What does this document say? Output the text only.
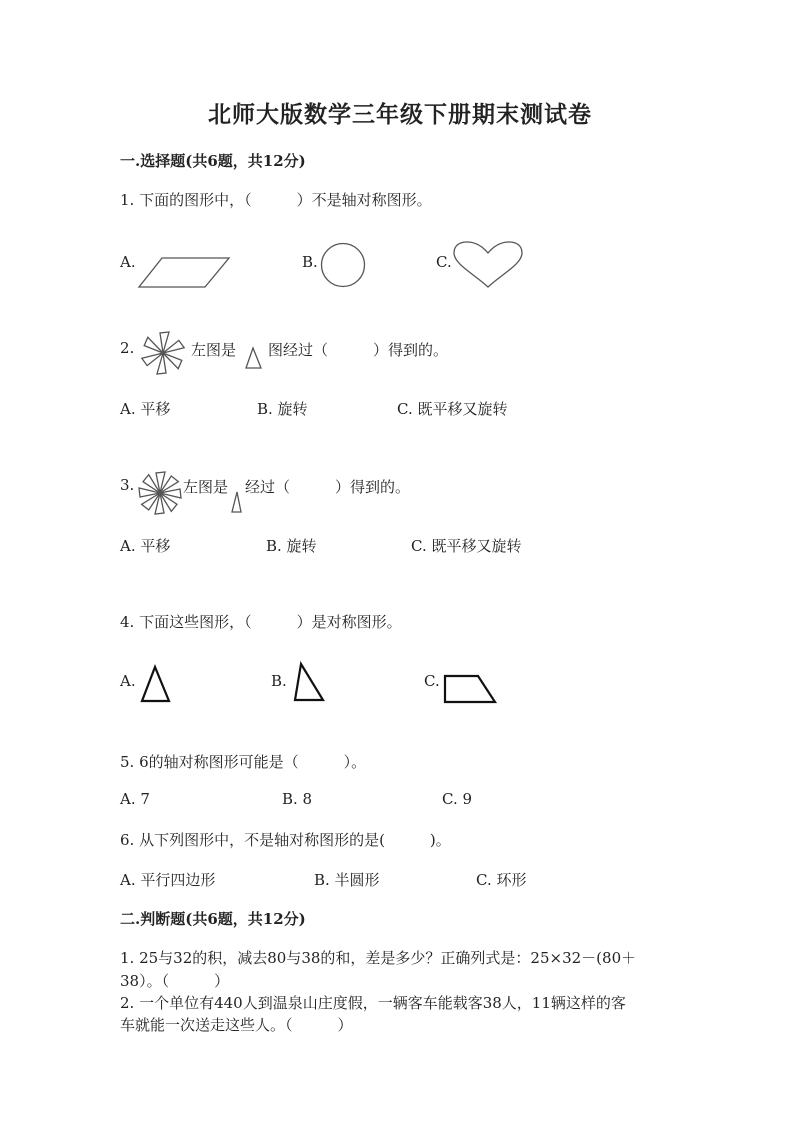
北师大版数学三年级下册期末测试卷
一.选择题(共6题，共12分)
1. 下面的图形中，（　　　）不是轴对称图形。
A.	B.	C.
2.	左图是 图经过（　　　）得到的。
A. 平移	B. 旋转	C. 既平移又旋转
3.	左图是 经过（　　　）得到的。
A. 平移	B. 旋转	C. 既平移又旋转
4. 下面这些图形，（　　　）是对称图形。
A.	B.	C.
5. 6的轴对称图形可能是（　　　）。
A. 7	B. 8	C. 9
6. 从下列图形中，不是轴对称图形的是(　　　)。
A. 平行四边形	B. 半圆形	C. 环形
二.判断题(共6题，共12分)
1. 25与32的积，减去80与38的和，差是多少？正确列式是：25×32－(80＋
38）。（　　　）
2. 一个单位有440人到温泉山庄度假，一辆客车能载客38人，11辆这样的客
车就能一次送走这些人。（　　　）
